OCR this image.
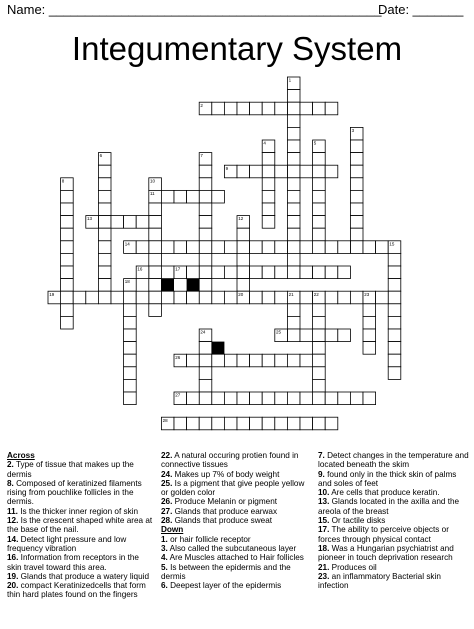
Name: ______________________________________________
Date: _______
Integumentary System
1
2
3
4	5
6	7
8
9
10
11
12
13
14	15
16	17
18
19	20	21	22	23
24	25
26
27
28
Across
2. Type of tissue that makes up the dermis
8. Composed of keratinized filaments rising from pouchlike follicles in the dermis.
11. Is the thicker inner region of skin
12. Is the crescent shaped white area at the base of the nail.
14. Detect light pressure and low frequency vibration
16. Information from receptors in the skin travel toward this area.
19. Glands that produce a watery liquid
20. compact Keratinizedcells that form thin hard plates found on the fingers
22. A natural occuring protien found in connective tissues
24. Makes up 7% of body weight
25. Is a pigment that give people yellow or golden color
26. Produce Melanin or pigment
27. Glands that produce earwax
28. Glands that produce sweat
Down
1. or hair follicle receptor
3. Also called the subcutaneous layer
4. Are Muscles attached to Hair follicles
5. Is between the epidermis and the dermis
6. Deepest layer of the epidermis
7. Detect changes in the temperature and located beneath the skim
9. found only in the thick skin of palms and soles of feet
10. Are cells that produce keratin.
13. Glands located in the axilla and the areola of the breast
15. Or tactile disks
17. The ability to perceive objects or forces through physical contact
18. Was a Hungarian psychiatrist and pioneer in touch deprivation research
21. Produces oil
23. an inflammatory Bacterial skin infection
